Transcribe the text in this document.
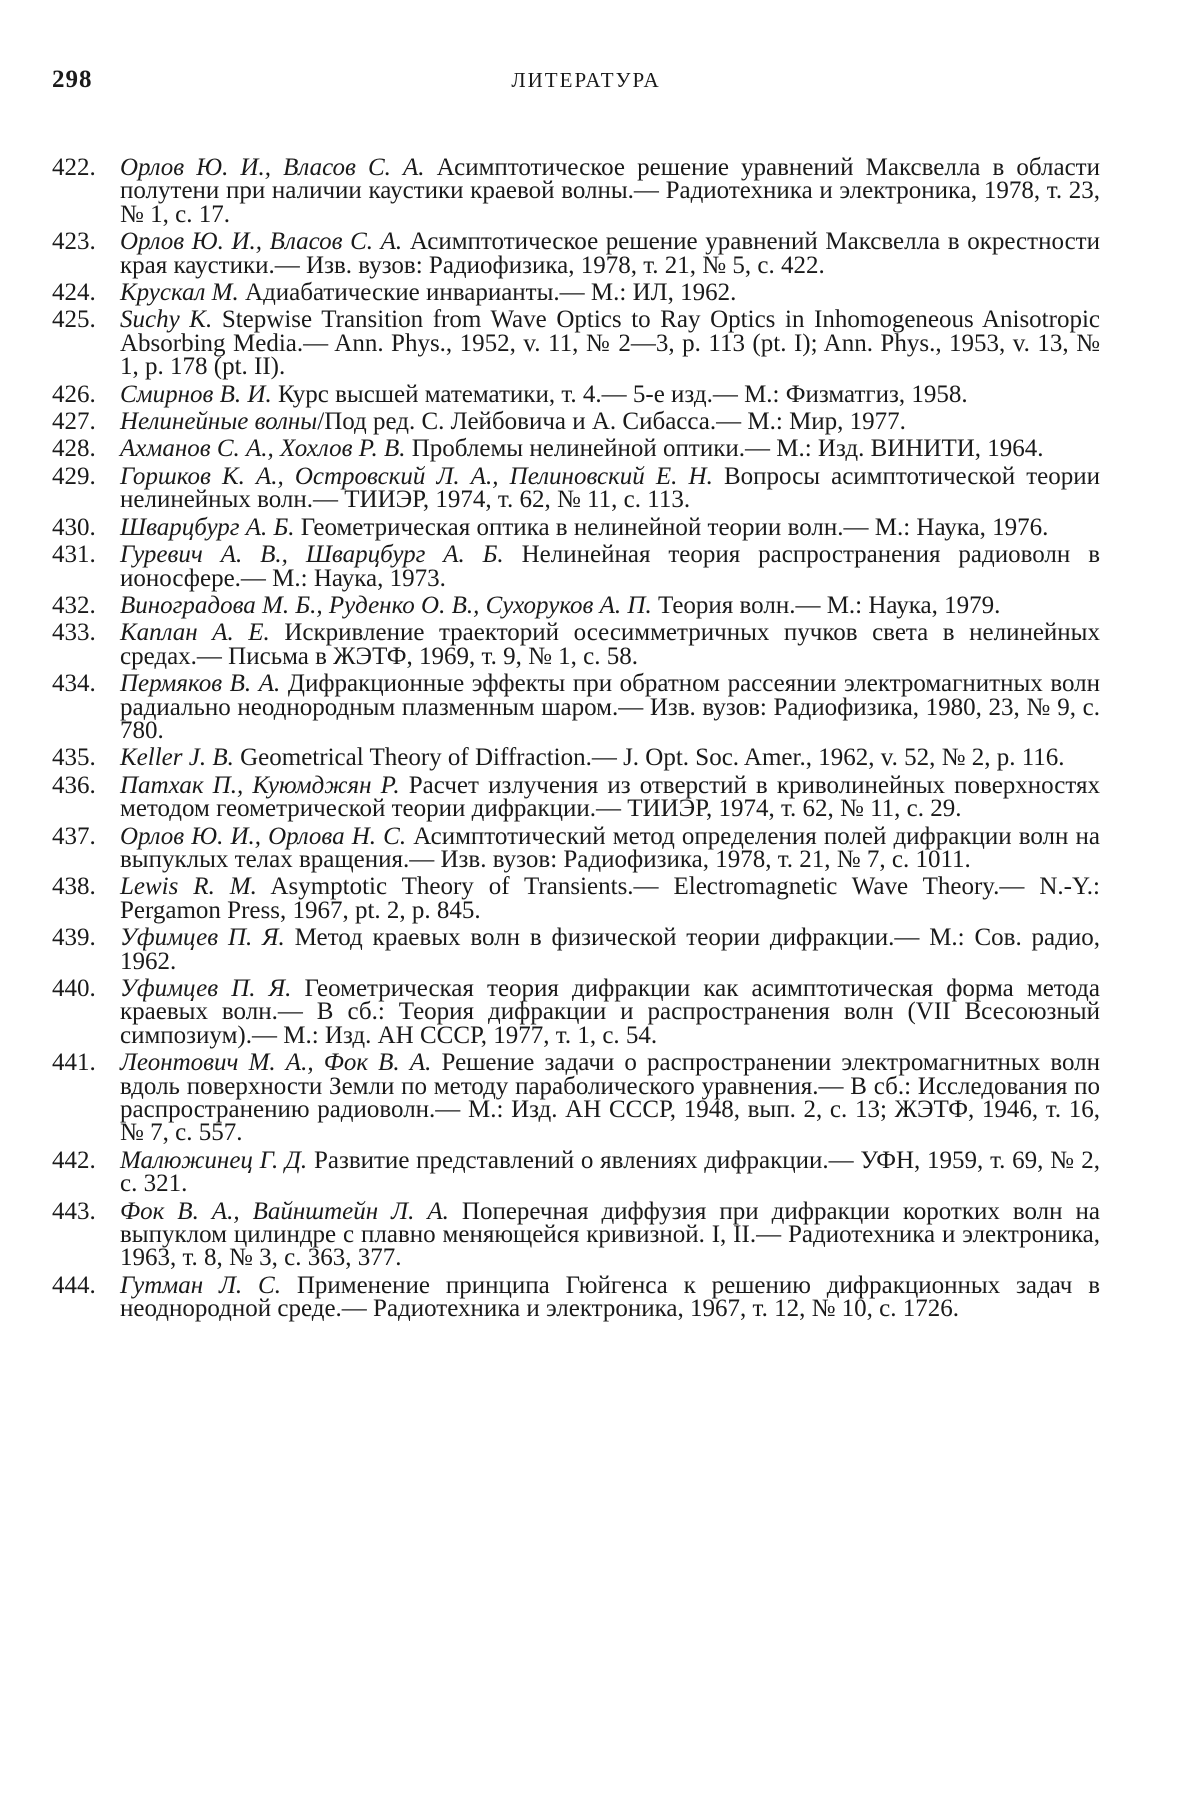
298	ЛИТЕРАТУРА
422. Орлов Ю. И., Власов С. А. Асимптотическое решение уравнений Максвелла в области полутени при наличии каустики краевой волны.— Радиотехника и электроника, 1978, т. 23, № 1, с. 17.
423. Орлов Ю. И., Власов С. А. Асимптотическое решение уравнений Максвелла в окрестности края каустики.— Изв. вузов: Радиофизика, 1978, т. 21, № 5, с. 422.
424. Крускал М. Адиабатические инварианты.— М.: ИЛ, 1962.
425. Suchy K. Stepwise Transition from Wave Optics to Ray Optics in Inhomogeneous Anisotropic Absorbing Media.— Ann. Phys., 1952, v. 11, № 2—3, p. 113 (pt. I); Ann. Phys., 1953, v. 13, № 1, p. 178 (pt. II).
426. Смирнов В. И. Курс высшей математики, т. 4.— 5-е изд.— М.: Физматгиз, 1958.
427. Нелинейные волны/Под ред. С. Лейбовича и А. Сибасса.— М.: Мир, 1977.
428. Ахманов С. А., Хохлов Р. В. Проблемы нелинейной оптики.— М.: Изд. ВИНИТИ, 1964.
429. Горшков К. А., Островский Л. А., Пелиновский Е. Н. Вопросы асимптотической теории нелинейных волн.— ТИИЭР, 1974, т. 62, № 11, с. 113.
430. Шварцбург А. Б. Геометрическая оптика в нелинейной теории волн.— М.: Наука, 1976.
431. Гуревич А. В., Шварцбург А. Б. Нелинейная теория распространения радиоволн в ионосфере.— М.: Наука, 1973.
432. Виноградова М. Б., Руденко О. В., Сухоруков А. П. Теория волн.— М.: Наука, 1979.
433. Каплан А. Е. Искривление траекторий осесимметричных пучков света в нелинейных средах.— Письма в ЖЭТФ, 1969, т. 9, № 1, с. 58.
434. Пермяков В. А. Дифракционные эффекты при обратном рассеянии электромагнитных волн радиально неоднородным плазменным шаром.— Изв. вузов: Радиофизика, 1980, 23, № 9, с. 780.
435. Keller J. B. Geometrical Theory of Diffraction.— J. Opt. Soc. Amer., 1962, v. 52, № 2, p. 116.
436. Патхак П., Куюмджян Р. Расчет излучения из отверстий в криволинейных поверхностях методом геометрической теории дифракции.— ТИИЭР, 1974, т. 62, № 11, с. 29.
437. Орлов Ю. И., Орлова Н. С. Асимптотический метод определения полей дифракции волн на выпуклых телах вращения.— Изв. вузов: Радиофизика, 1978, т. 21, № 7, с. 1011.
438. Lewis R. M. Asymptotic Theory of Transients.— Electromagnetic Wave Theory.— N.-Y.: Pergamon Press, 1967, pt. 2, p. 845.
439. Уфимцев П. Я. Метод краевых волн в физической теории дифракции.— М.: Сов. радио, 1962.
440. Уфимцев П. Я. Геометрическая теория дифракции как асимптотическая форма метода краевых волн.— В сб.: Теория дифракции и распространения волн (VII Всесоюзный симпозиум).— М.: Изд. АН СССР, 1977, т. 1, с. 54.
441. Леонтович М. А., Фок В. А. Решение задачи о распространении электромагнитных волн вдоль поверхности Земли по методу параболического уравнения.— В сб.: Исследования по распространению радиоволн.— М.: Изд. АН СССР, 1948, вып. 2, с. 13; ЖЭТФ, 1946, т. 16, № 7, с. 557.
442. Малюжинец Г. Д. Развитие представлений о явлениях дифракции.— УФН, 1959, т. 69, № 2, с. 321.
443. Фок В. А., Вайнштейн Л. А. Поперечная диффузия при дифракции коротких волн на выпуклом цилиндре с плавно меняющейся кривизной. I, II.— Радиотехника и электроника, 1963, т. 8, № 3, с. 363, 377.
444. Гутман Л. С. Применение принципа Гюйгенса к решению дифракционных задач в неоднородной среде.— Радиотехника и электроника, 1967, т. 12, № 10, с. 1726.
